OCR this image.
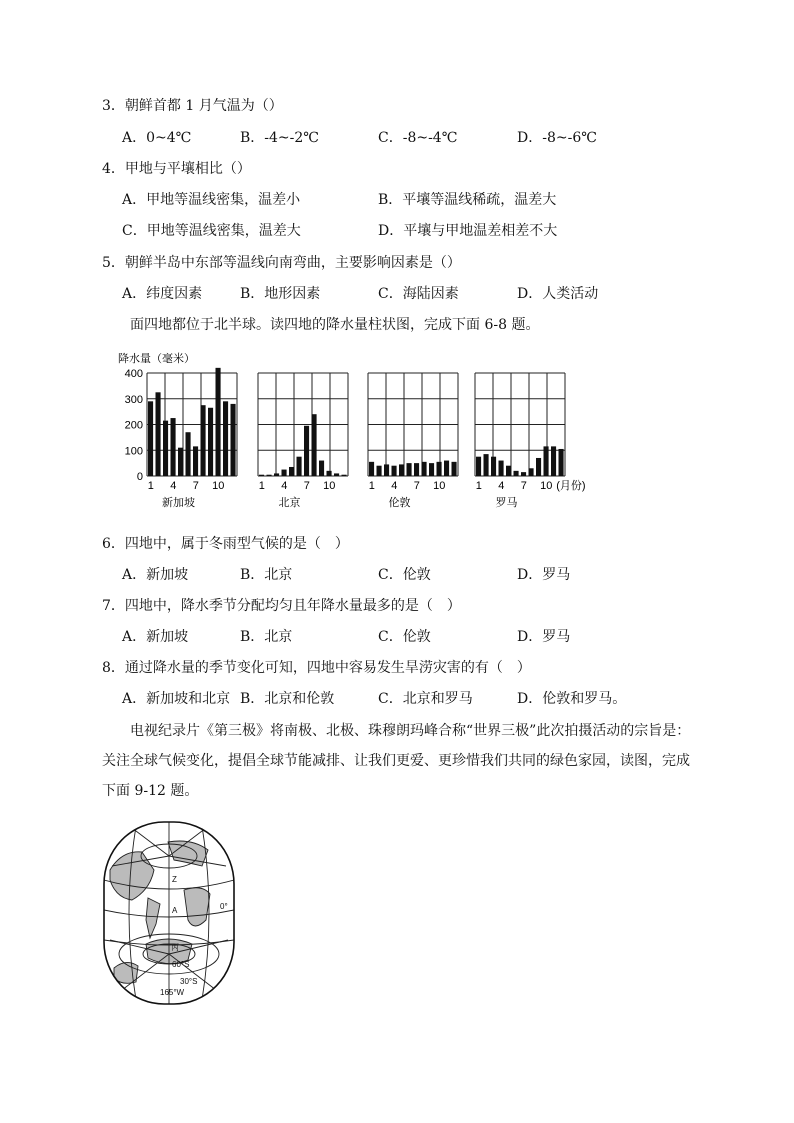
3．朝鲜首都 1 月气温为（）
A．0~4℃	B．-4~-2℃	C．-8~-4℃	D．-8~-6℃
4．甲地与平壤相比（）
A．甲地等温线密集，温差小	B．平壤等温线稀疏，温差大
C．甲地等温线密集，温差大	D．平壤与甲地温差相差不大
5．朝鲜半岛中东部等温线向南弯曲，主要影响因素是（）
A．纬度因素	B．地形因素	C．海陆因素	D．人类活动
面四地都位于北半球。读四地的降水量柱状图，完成下面 6-8 题。
降水量（毫米）
0
100
200
300
400
1 4 7 10
新加坡
1 4 7 10
北京
1 4 7 10
伦敦
1 4 7 10
罗马
(月份)
6．四地中，属于冬雨型气候的是（　）
A．新加坡	B．北京	C．伦敦	D．罗马
7．四地中，降水季节分配均匀且年降水量最多的是（　）
A．新加坡	B．北京	C．伦敦	D．罗马
8．通过降水量的季节变化可知，四地中容易发生旱涝灾害的有（　）
A．新加坡和北京 B．北京和伦敦	C．北京和罗马	D．伦敦和罗马。
电视纪录片《第三极》将南极、北极、珠穆朗玛峰合称“世界三极”此次拍摄活动的宗旨是：关注全球气候变化，提倡全球节能减排、让我们更爱、更珍惜我们共同的绿色家园，读图，完成下面 9-12 题。
Z
A	0°
丙
60°S
30°S
165°W
